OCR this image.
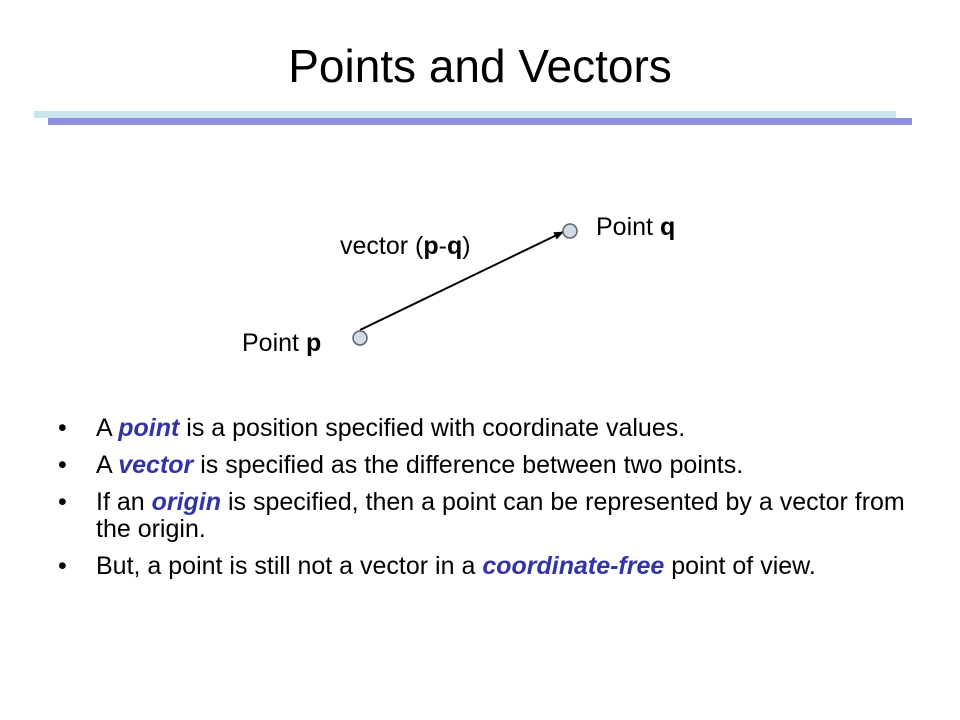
Points and Vectors
Point q
vector (p-q)
Point p
• A point is a position specified with coordinate values.
• A vector is specified as the difference between two points.
• If an origin is specified, then a point can be represented by a vector from the origin.
• But, a point is still not a vector in a coordinate-free point of view.
